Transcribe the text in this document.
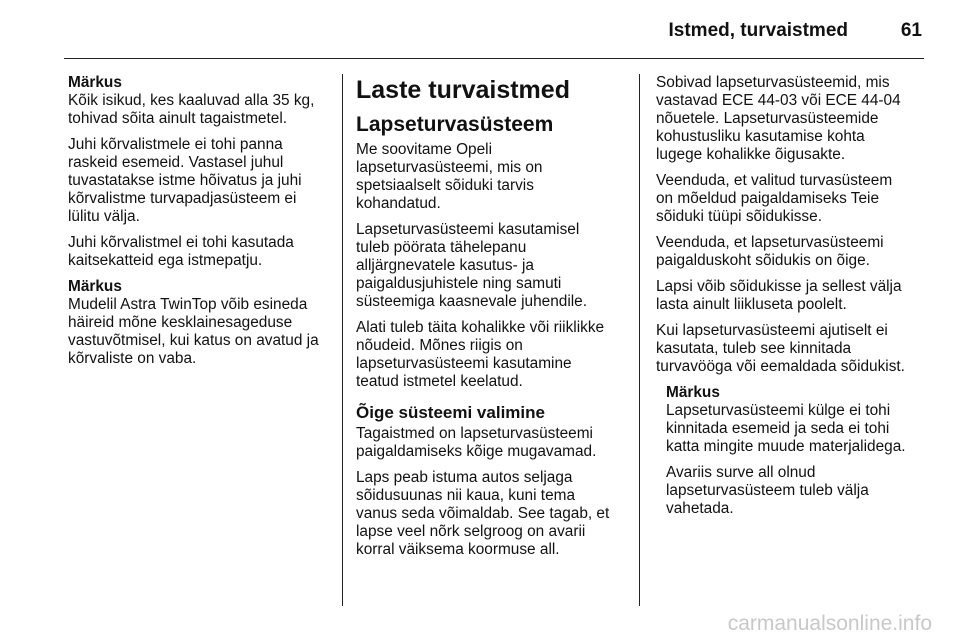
Istmed, turvaistmed	61
Märkus
Kõik isikud, kes kaaluvad alla 35 kg,
tohivad sõita ainult tagaistmetel.

Juhi kõrvalistmele ei tohi panna
raskeid esemeid. Vastasel juhul
tuvastatakse istme hõivatus ja juhi
kõrvalistme turvapadjasüsteem ei
lülitu välja.

Juhi kõrvalistmel ei tohi kasutada
kaitsekatteid ega istmepatju.

Märkus
Mudelil Astra TwinTop võib esineda
häireid mõne kesklainesageduse
vastuvõtmisel, kui katus on avatud ja
kõrvaliste on vaba.
Laste turvaistmed
Lapseturvasüsteem

Me soovitame Opeli
lapseturvasüsteemi, mis on
spetsiaalselt sõiduki tarvis
kohandatud.

Lapseturvasüsteemi kasutamisel
tuleb pöörata tähelepanu
alljärgnevatele kasutus- ja
paigaldusjuhistele ning samuti
süsteemiga kaasnevale juhendile.

Alati tuleb täita kohalikke või riiklikke
nõudeid. Mõnes riigis on
lapseturvasüsteemi kasutamine
teatud istmetel keelatud.

Õige süsteemi valimine

Tagaistmed on lapseturvasüsteemi
paigaldamiseks kõige mugavamad.

Laps peab istuma autos seljaga
sõidusuunas nii kaua, kuni tema
vanus seda võimaldab. See tagab, et
lapse veel nõrk selgroog on avarii
korral väiksema koormuse all.

Sobivad lapseturvasüsteemid, mis
vastavad ECE 44-03 või ECE 44-04
nõuetele. Lapseturvasüsteemide
kohustusliku kasutamise kohta
lugege kohalikke õigusakte.

Veenduda, et valitud turvasüsteem
on mõeldud paigaldamiseks Teie
sõiduki tüüpi sõidukisse.

Veenduda, et lapseturvasüsteemi
paigalduskoht sõidukis on õige.

Lapsi võib sõidukisse ja sellest välja
lasta ainult liikluseta poolelt.

Kui lapseturvasüsteemi ajutiselt ei
kasutata, tuleb see kinnitada
turvavööga või eemaldada sõidukist.

Märkus

Lapseturvasüsteemi külge ei tohi
kinnitada esemeid ja seda ei tohi
katta mingite muude materjalidega.

Avariis surve all olnud
lapseturvasüsteem tuleb välja
vahetada.

carmanualsonline.info
